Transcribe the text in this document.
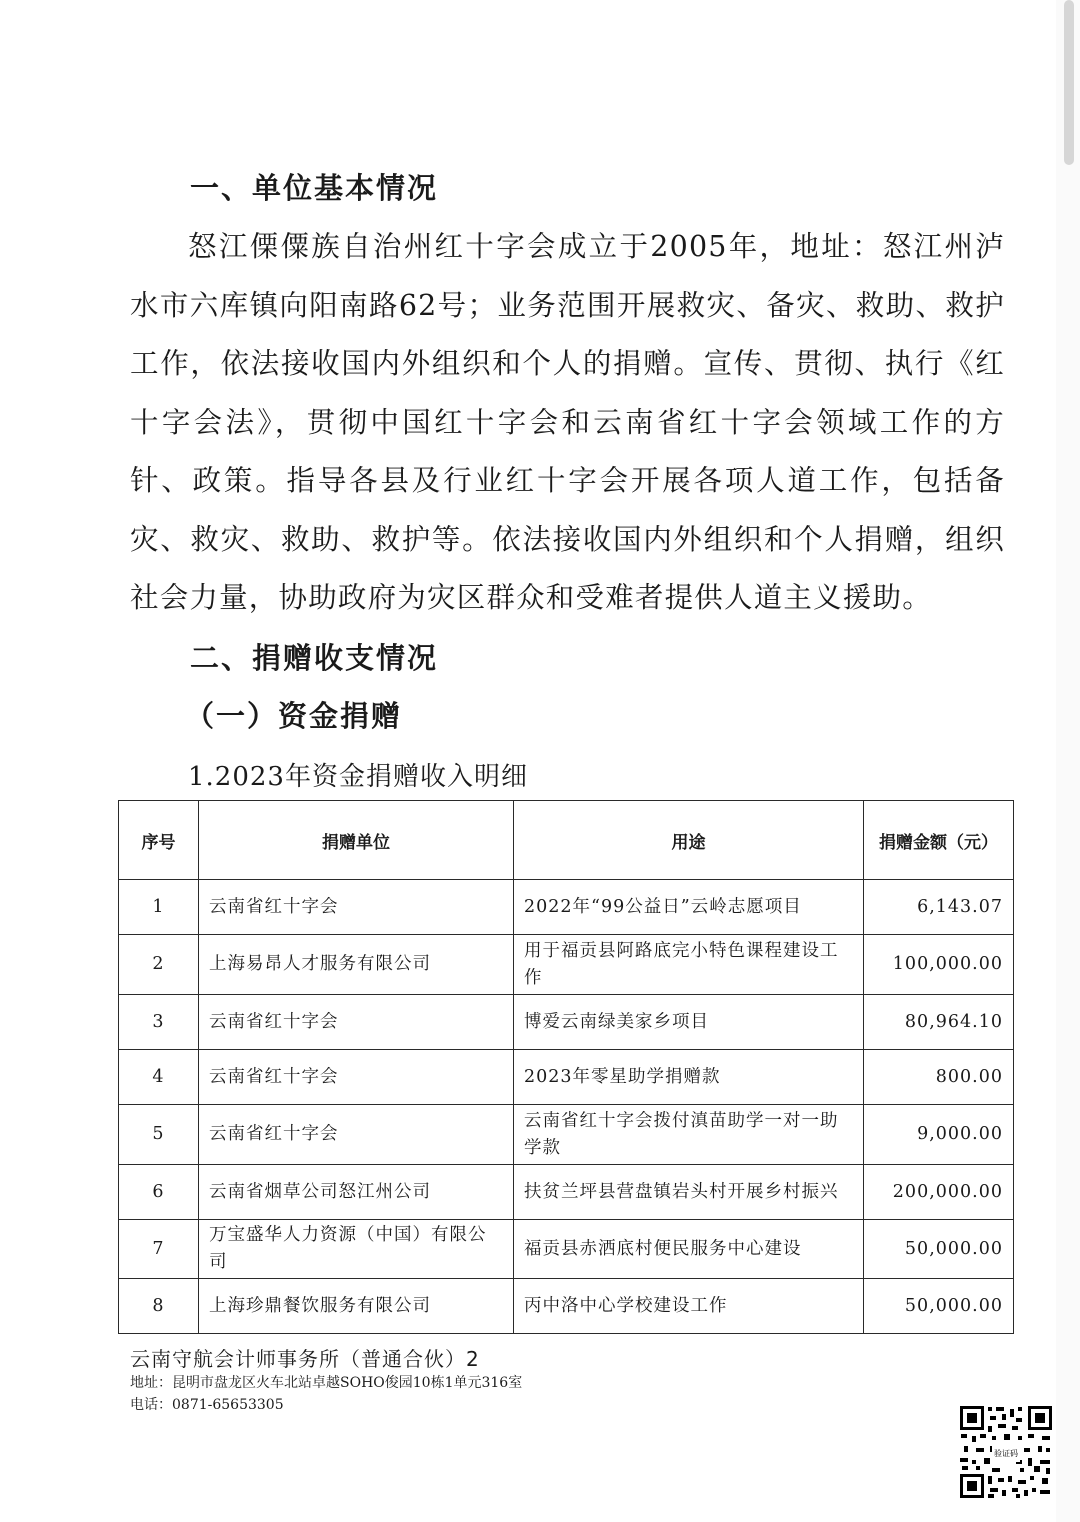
一、单位基本情况
怒江傈僳族自治州红十字会成立于2005年，地址：怒江州泸水市六库镇向阳南路62号；业务范围开展救灾、备灾、救助、救护工作，依法接收国内外组织和个人的捐赠。宣传、贯彻、执行《红十字会法》，贯彻中国红十字会和云南省红十字会领域工作的方针、政策。指导各县及行业红十字会开展各项人道工作，包括备灾、救灾、救助、救护等。依法接收国内外组织和个人捐赠，组织社会力量，协助政府为灾区群众和受难者提供人道主义援助。
二、捐赠收支情况
（一）资金捐赠
1.2023年资金捐赠收入明细
序号	捐赠单位	用途	捐赠金额（元）
1	云南省红十字会	2022年“99公益日”云岭志愿项目	6,143.07
2	上海易昂人才服务有限公司	用于福贡县阿路底完小特色课程建设工作	100,000.00
3	云南省红十字会	博爱云南绿美家乡项目	80,964.10
4	云南省红十字会	2023年零星助学捐赠款	800.00
5	云南省红十字会	云南省红十字会拨付滇苗助学一对一助学款	9,000.00
6	云南省烟草公司怒江州公司	扶贫兰坪县营盘镇岩头村开展乡村振兴	200,000.00
7	万宝盛华人力资源（中国）有限公司	福贡县赤洒底村便民服务中心建设	50,000.00
8	上海珍鼎餐饮服务有限公司	丙中洛中心学校建设工作	50,000.00
云南守航会计师事务所（普通合伙）2
地址：昆明市盘龙区火车北站卓越SOHO俊园10栋1单元316室
电话：0871-65653305
验证码
